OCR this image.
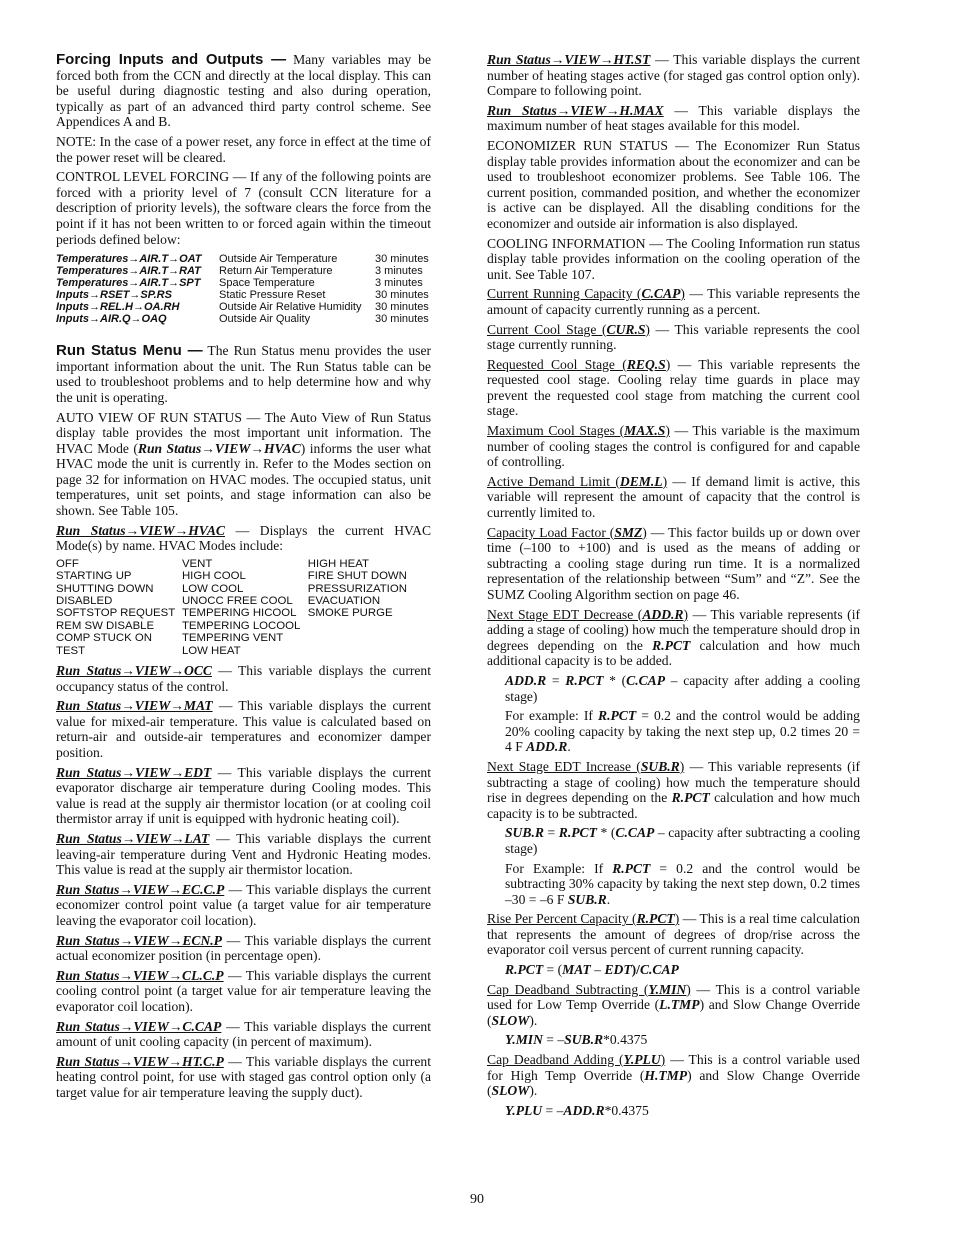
Forcing Inputs and Outputs — Many variables may be forced both from the CCN and directly at the local display. This can be useful during diagnostic testing and also during operation, typically as part of an advanced third party control scheme. See Appendices A and B.

NOTE: In the case of a power reset, any force in effect at the time of the power reset will be cleared.

CONTROL LEVEL FORCING — If any of the following points are forced with a priority level of 7 (consult CCN literature for a description of priority levels), the software clears the force from the point if it has not been written to or forced again within the timeout periods defined below:

Temperatures→AIR.T→OAT	Outside Air Temperature	30 minutes
Temperatures→AIR.T→RAT	Return Air Temperature	3 minutes
Temperatures→AIR.T→SPT	Space Temperature	3 minutes
Inputs→RSET→SP.RS	Static Pressure Reset	30 minutes
Inputs→REL.H→OA.RH	Outside Air Relative Humidity	30 minutes
Inputs→AIR.Q→OAQ	Outside Air Quality	30 minutes

Run Status Menu — The Run Status menu provides the user important information about the unit. The Run Status table can be used to troubleshoot problems and to help determine how and why the unit is operating.

AUTO VIEW OF RUN STATUS — The Auto View of Run Status display table provides the most important unit information. The HVAC Mode (Run Status→VIEW→HVAC) informs the user what HVAC mode the unit is currently in. Refer to the Modes section on page 32 for information on HVAC modes. The occupied status, unit temperatures, unit set points, and stage information can also be shown. See Table 105.

Run Status→VIEW→HVAC — Displays the current HVAC Mode(s) by name. HVAC Modes include:

OFF	VENT	HIGH HEAT
STARTING UP	HIGH COOL	FIRE SHUT DOWN
SHUTTING DOWN	LOW COOL	PRESSURIZATION
DISABLED	UNOCC FREE COOL	EVACUATION
SOFTSTOP REQUEST	TEMPERING HICOOL	SMOKE PURGE
REM SW DISABLE	TEMPERING LOCOOL	
COMP STUCK ON	TEMPERING VENT	
TEST	LOW HEAT	

Run Status→VIEW→OCC — This variable displays the current occupancy status of the control.

Run Status→VIEW→MAT — This variable displays the current value for mixed-air temperature. This value is calculated based on return-air and outside-air temperatures and economizer damper position.

Run Status→VIEW→EDT — This variable displays the current evaporator discharge air temperature during Cooling modes. This value is read at the supply air thermistor location (or at cooling coil thermistor array if unit is equipped with hydronic heating coil).

Run Status→VIEW→LAT — This variable displays the current leaving-air temperature during Vent and Hydronic Heating modes. This value is read at the supply air thermistor location.

Run Status→VIEW→EC.C.P — This variable displays the current economizer control point value (a target value for air temperature leaving the evaporator coil location).

Run Status→VIEW→ECN.P — This variable displays the current actual economizer position (in percentage open).

Run Status→VIEW→CL.C.P — This variable displays the current cooling control point (a target value for air temperature leaving the evaporator coil location).

Run Status→VIEW→C.CAP — This variable displays the current amount of unit cooling capacity (in percent of maximum).

Run Status→VIEW→HT.C.P — This variable displays the current heating control point, for use with staged gas control option only (a target value for air temperature leaving the supply duct).

Run Status→VIEW→HT.ST — This variable displays the current number of heating stages active (for staged gas control option only). Compare to following point.

Run Status→VIEW→H.MAX — This variable displays the maximum number of heat stages available for this model.

ECONOMIZER RUN STATUS — The Economizer Run Status display table provides information about the economizer and can be used to troubleshoot economizer problems. See Table 106. The current position, commanded position, and whether the economizer is active can be displayed. All the disabling conditions for the economizer and outside air information is also displayed.

COOLING INFORMATION — The Cooling Information run status display table provides information on the cooling operation of the unit. See Table 107.

Current Running Capacity (C.CAP) — This variable represents the amount of capacity currently running as a percent.

Current Cool Stage (CUR.S) — This variable represents the cool stage currently running.

Requested Cool Stage (REQ.S) — This variable represents the requested cool stage. Cooling relay time guards in place may prevent the requested cool stage from matching the current cool stage.

Maximum Cool Stages (MAX.S) — This variable is the maximum number of cooling stages the control is configured for and capable of controlling.

Active Demand Limit (DEM.L) — If demand limit is active, this variable will represent the amount of capacity that the control is currently limited to.

Capacity Load Factor (SMZ) — This factor builds up or down over time (–100 to +100) and is used as the means of adding or subtracting a cooling stage during run time. It is a normalized representation of the relationship between “Sum” and “Z”. See the SUMZ Cooling Algorithm section on page 46.

Next Stage EDT Decrease (ADD.R) — This variable represents (if adding a stage of cooling) how much the temperature should drop in degrees depending on the R.PCT calculation and how much additional capacity is to be added.

ADD.R = R.PCT * (C.CAP – capacity after adding a cooling stage)

For example: If R.PCT = 0.2 and the control would be adding 20% cooling capacity by taking the next step up, 0.2 times 20 = 4 F ADD.R.

Next Stage EDT Increase (SUB.R) — This variable represents (if subtracting a stage of cooling) how much the temperature should rise in degrees depending on the R.PCT calculation and how much capacity is to be subtracted.

SUB.R = R.PCT * (C.CAP – capacity after subtracting a cooling stage)

For Example: If R.PCT = 0.2 and the control would be subtracting 30% capacity by taking the next step down, 0.2 times –30 = –6 F SUB.R.

Rise Per Percent Capacity (R.PCT) — This is a real time calculation that represents the amount of degrees of drop/rise across the evaporator coil versus percent of current running capacity.

R.PCT = (MAT – EDT)/C.CAP

Cap Deadband Subtracting (Y.MIN) — This is a control variable used for Low Temp Override (L.TMP) and Slow Change Override (SLOW).

Y.MIN = –SUB.R*0.4375

Cap Deadband Adding (Y.PLU) — This is a control variable used for High Temp Override (H.TMP) and Slow Change Override (SLOW).

Y.PLU = –ADD.R*0.4375

90
